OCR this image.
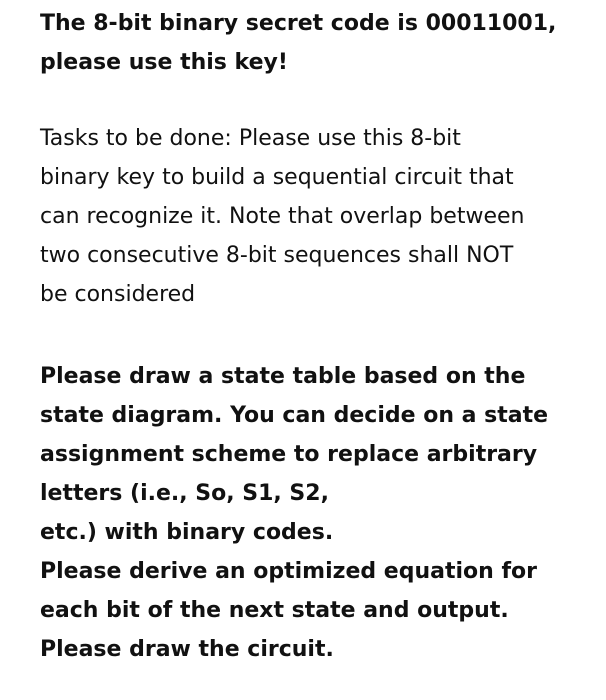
The 8-bit binary secret code is 00011001,
please use this key!
Tasks to be done: Please use this 8-bit
binary key to build a sequential circuit that
can recognize it. Note that overlap between
two consecutive 8-bit sequences shall NOT
be considered
Please draw a state table based on the
state diagram. You can decide on a state
assignment scheme to replace arbitrary
letters (i.e., So, S1, S2,
etc.) with binary codes.
Please derive an optimized equation for
each bit of the next state and output.
Please draw the circuit.
